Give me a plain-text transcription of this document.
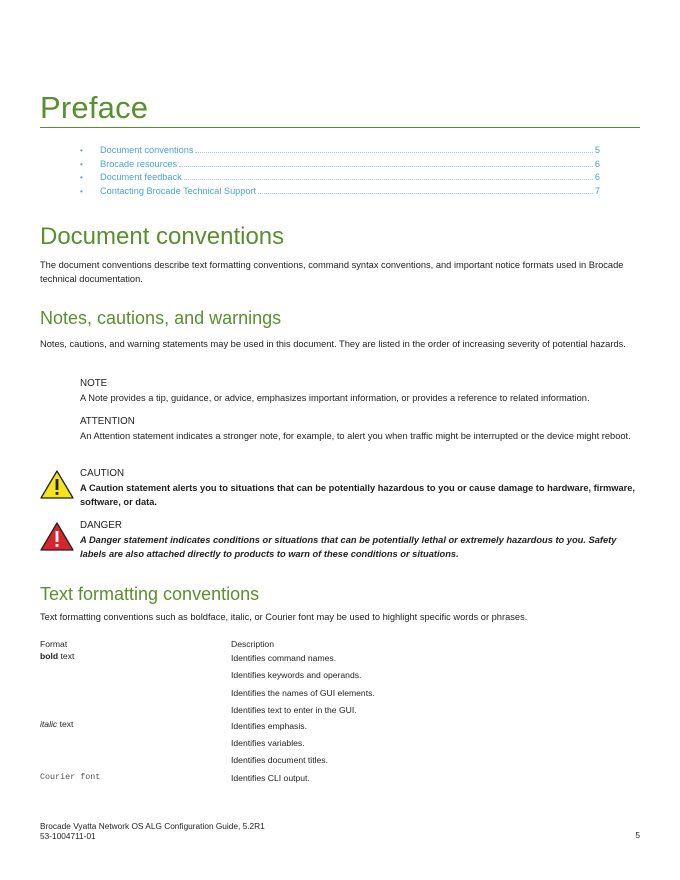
Preface
•	Document conventions	5
•	Brocade resources	6
•	Document feedback	6
•	Contacting Brocade Technical Support	7
Document conventions

The document conventions describe text formatting conventions, command syntax conventions, and important notice formats used in Brocade technical documentation.

Notes, cautions, and warnings

Notes, cautions, and warning statements may be used in this document. They are listed in the order of increasing severity of potential hazards.

NOTE
A Note provides a tip, guidance, or advice, emphasizes important information, or provides a reference to related information.
ATTENTION
An Attention statement indicates a stronger note, for example, to alert you when traffic might be interrupted or the device might reboot.
CAUTION
A Caution statement alerts you to situations that can be potentially hazardous to you or cause damage to hardware, firmware, software, or data.
DANGER
A Danger statement indicates conditions or situations that can be potentially lethal or extremely hazardous to you. Safety labels are also attached directly to products to warn of these conditions or situations.
Text formatting conventions

Text formatting conventions such as boldface, italic, or Courier font may be used to highlight specific words or phrases.

Format	Description
bold text	Identifies command names.
Identifies keywords and operands.
Identifies the names of GUI elements.
Identifies text to enter in the GUI.

italic text	Identifies emphasis.
Identifies variables.
Identifies document titles.

Courier font	Identifies CLI output.
Brocade Vyatta Network OS ALG Configuration Guide, 5.2R1
53-1004711-01	5
